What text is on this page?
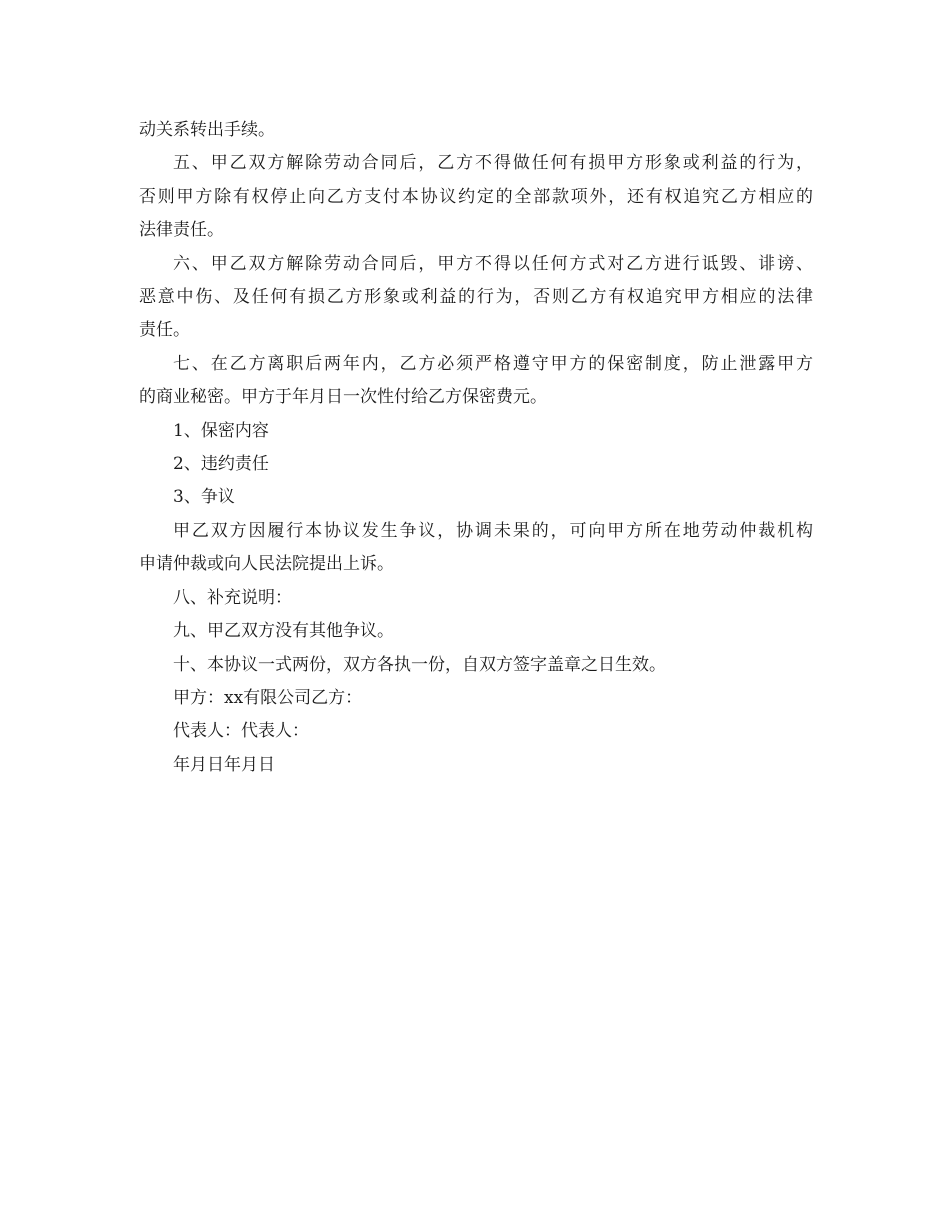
动关系转出手续。

五、甲乙双方解除劳动合同后，乙方不得做任何有损甲方形象或利益的行为，
否则甲方除有权停止向乙方支付本协议约定的全部款项外，还有权追究乙方相应的
法律责任。

六、甲乙双方解除劳动合同后，甲方不得以任何方式对乙方进行诋毁、诽谤、
恶意中伤、及任何有损乙方形象或利益的行为，否则乙方有权追究甲方相应的法律
责任。

七、在乙方离职后两年内，乙方必须严格遵守甲方的保密制度，防止泄露甲方
的商业秘密。甲方于年月日一次性付给乙方保密费元。

1、保密内容

2、违约责任

3、争议

甲乙双方因履行本协议发生争议，协调未果的，可向甲方所在地劳动仲裁机构
申请仲裁或向人民法院提出上诉。

八、补充说明：

九、甲乙双方没有其他争议。

十、本协议一式两份，双方各执一份，自双方签字盖章之日生效。

甲方：xx有限公司乙方：

代表人：代表人：

年月日年月日
